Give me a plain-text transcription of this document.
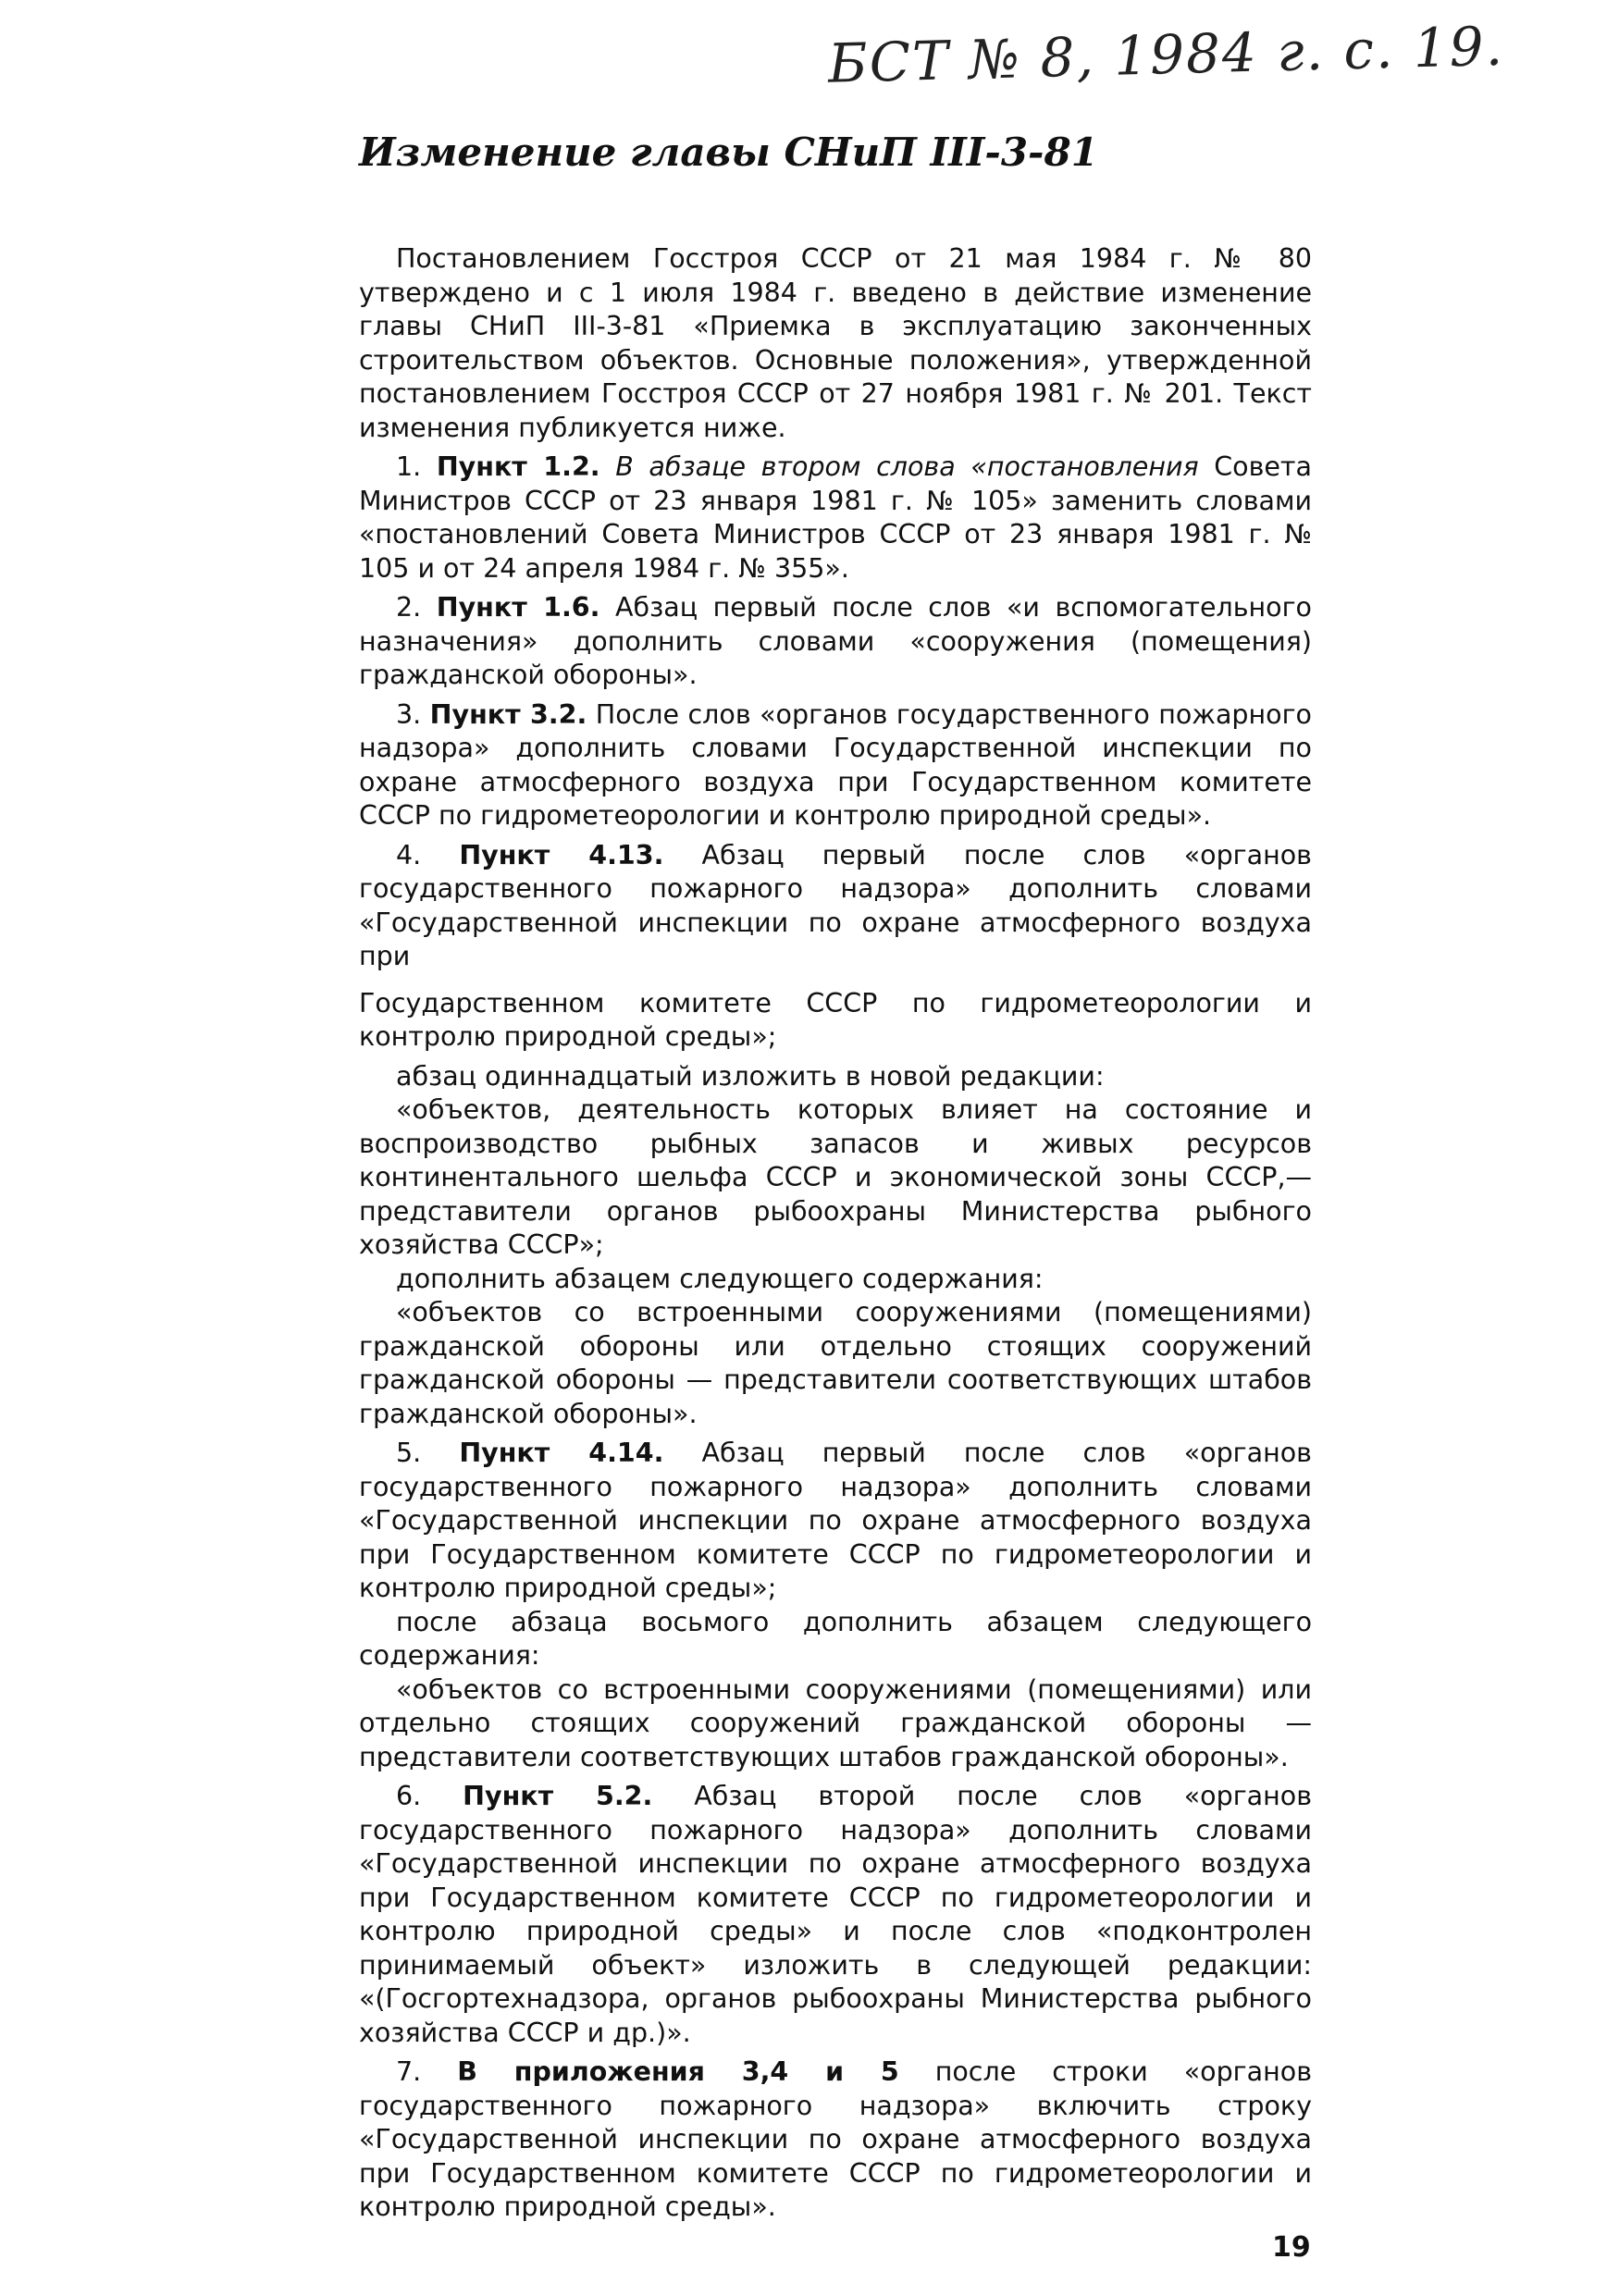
БСТ № 8, 1984 г. с. 19.
Изменение главы СНиП III-3-81

Постановлением Госстроя СССР от 21 мая 1984 г. № 80 утверждено и с 1 июля 1984 г. введено в действие изменение главы СНиП III-3-81 «Приемка в эксплуатацию законченных строительством объектов. Основные положения», утвержденной постановлением Госстроя СССР от 27 ноября 1981 г. № 201. Текст изменения публикуется ниже.

1. Пункт 1.2. В абзаце втором слова «постановления Совета Министров СССР от 23 января 1981 г. № 105» заменить словами «постановлений Совета Министров СССР от 23 января 1981 г. № 105 и от 24 апреля 1984 г. № 355».

2. Пункт 1.6. Абзац первый после слов «и вспомогательного назначения» дополнить словами «сооружения (помещения) гражданской обороны».

3. Пункт 3.2. После слов «органов государственного пожарного надзора» дополнить словами Государственной инспекции по охране атмосферного воздуха при Государственном комитете СССР по гидрометеорологии и контролю природной среды».

4. Пункт 4.13. Абзац первый после слов «органов государственного пожарного надзора» дополнить словами «Государственной инспекции по охране атмосферного воздуха при

Государственном комитете СССР по гидрометеорологии и контролю природной среды»;

абзац одиннадцатый изложить в новой редакции:

«объектов, деятельность которых влияет на состояние и воспроизводство рыбных запасов и живых ресурсов континентального шельфа СССР и экономической зоны СССР,— представители органов рыбоохраны Министерства рыбного хозяйства СССР»;

дополнить абзацем следующего содержания:

«объектов со встроенными сооружениями (помещениями) гражданской обороны или отдельно стоящих сооружений гражданской обороны — представители соответствующих штабов гражданской обороны».

5. Пункт 4.14. Абзац первый после слов «органов государственного пожарного надзора» дополнить словами «Государственной инспекции по охране атмосферного воздуха при Государственном комитете СССР по гидрометеорологии и контролю природной среды»;

после абзаца восьмого дополнить абзацем следующего содержания:

«объектов со встроенными сооружениями (помещениями) или отдельно стоящих сооружений гражданской обороны — представители соответствующих штабов гражданской обороны».

6. Пункт 5.2. Абзац второй после слов «органов государственного пожарного надзора» дополнить словами «Государственной инспекции по охране атмосферного воздуха при Государственном комитете СССР по гидрометеорологии и контролю природной среды» и после слов «подконтролен принимаемый объект» изложить в следующей редакции: «(Госгортехнадзора, органов рыбоохраны Министерства рыбного хозяйства СССР и др.)».

7. В приложения 3,4 и 5 после строки «органов государственного пожарного надзора» включить строку «Государственной инспекции по охране атмосферного воздуха при Государственном комитете СССР по гидрометеорологии и контролю природной среды».

19
